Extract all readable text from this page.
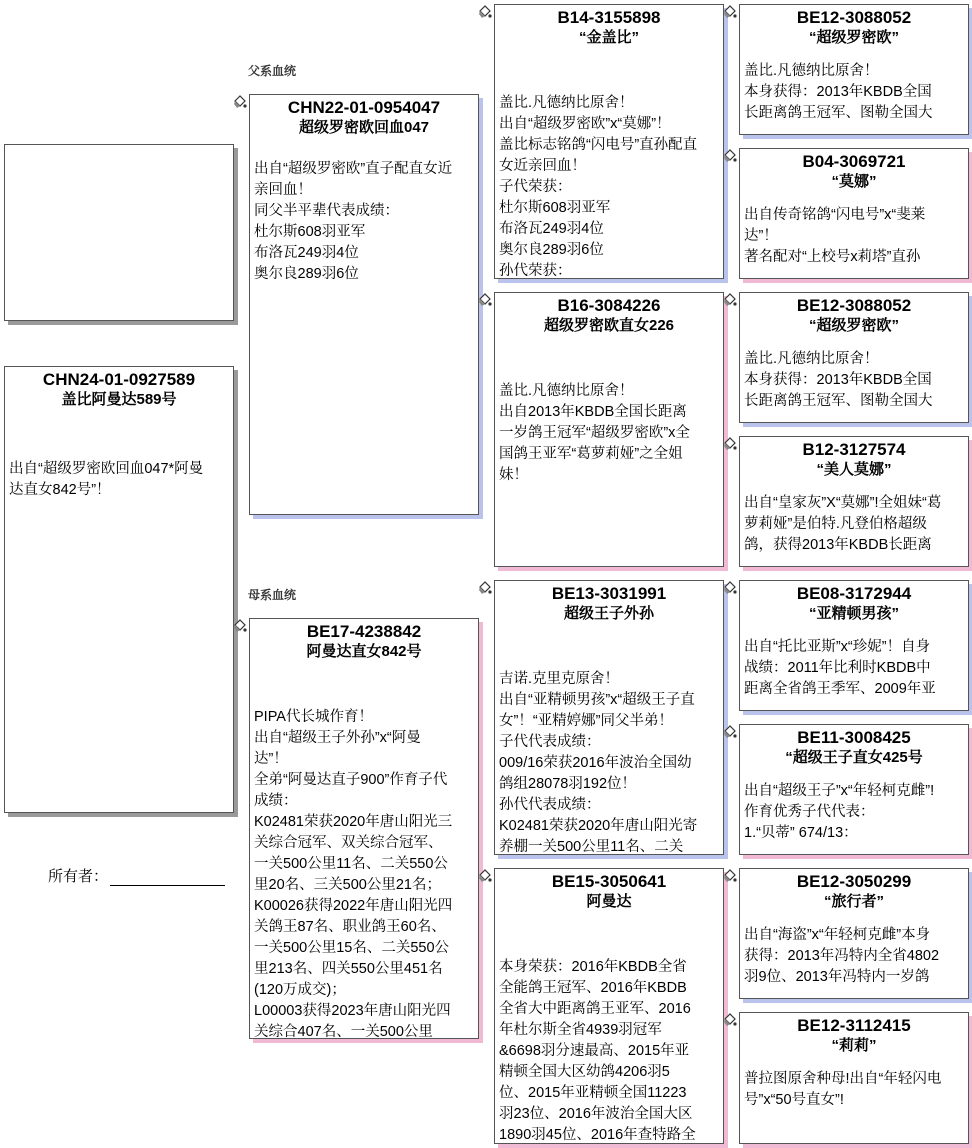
父系血统
母系血统
CHN24-01-0927589
盖比阿曼达589号
出自“超级罗密欧回血047*阿曼
达直女842号”！
所有者：
CHN22-01-0954047
超级罗密欧回血047
出自“超级罗密欧”直子配直女近
亲回血！
同父半平辈代表成绩：
杜尔斯608羽亚军
布洛瓦249羽4位
奥尔良289羽6位
BE17-4238842
阿曼达直女842号
PIPA代长城作育！
出自“超级王子外孙”x“阿曼
达”！
全弟“阿曼达直子900”作育子代
成绩：
K02481荣获2020年唐山阳光三
关综合冠军、双关综合冠军、
一关500公里11名、二关550公
里20名、三关500公里21名；
K00026获得2022年唐山阳光四
关鸽王87名、职业鸽王60名、
一关500公里15名、二关550公
里213名、四关550公里451名
(120万成交)；
L00003获得2023年唐山阳光四
关综合407名、一关500公里
B14-3155898
“金盖比”
盖比.凡德纳比原舍！
出自“超级罗密欧”x“莫娜”！
盖比标志铭鸽“闪电号”直孙配直
女近亲回血！
子代荣获：
杜尔斯608羽亚军
布洛瓦249羽4位
奥尔良289羽6位
孙代荣获：
B16-3084226
超级罗密欧直女226
盖比.凡德纳比原舍！
出自2013年KBDB全国长距离
一岁鸽王冠军“超级罗密欧”x全
国鸽王亚军“葛萝莉娅”之全姐
妹！
BE13-3031991
超级王子外孙
吉诺.克里克原舍！
出自“亚精顿男孩”x“超级王子直
女”！“亚精婷娜”同父半弟！
子代代表成绩：
009/16荣获2016年波治全国幼
鸽组28078羽192位！
孙代代表成绩：
K02481荣获2020年唐山阳光寄
养棚一关500公里11名、二关
BE15-3050641
阿曼达
本身荣获：2016年KBDB全省
全能鸽王冠军、2016年KBDB
全省大中距离鸽王亚军、2016
年杜尔斯全省4939羽冠军
&6698羽分速最高、2015年亚
精顿全国大区幼鸽4206羽5
位、2015年亚精顿全国11223
羽23位、2016年波治全国大区
1890羽45位、2016年查特路全
BE12-3088052
“超级罗密欧”
盖比.凡德纳比原舍！
本身获得：2013年KBDB全国
长距离鸽王冠军、图勒全国大
B04-3069721
“莫娜”
出自传奇铭鸽“闪电号”x“斐莱
达”！
著名配对“上校号x莉塔”直孙
BE12-3088052
“超级罗密欧”
盖比.凡德纳比原舍！
本身获得：2013年KBDB全国
长距离鸽王冠军、图勒全国大
B12-3127574
“美人莫娜”
出自“皇家灰”X“莫娜”!全姐妹“葛
萝莉娅”是伯特.凡登伯格超级
鸽，获得2013年KBDB长距离
BE08-3172944
“亚精顿男孩”
出自“托比亚斯”x“珍妮”！自身
战绩：2011年比利时KBDB中
距离全省鸽王季军、2009年亚
BE11-3008425
“超级王子直女425号
出自“超级王子”x“年轻柯克雌”!
作育优秀子代代表：
1.“贝蒂” 674/13：
BE12-3050299
“旅行者”
出自“海盗”x“年轻柯克雌”本身
获得：2013年冯特内全省4802
羽9位、2013年冯特内一岁鸽
BE12-3112415
“莉莉”
普拉图原舍种母!出自“年轻闪电
号”x“50号直女”!
